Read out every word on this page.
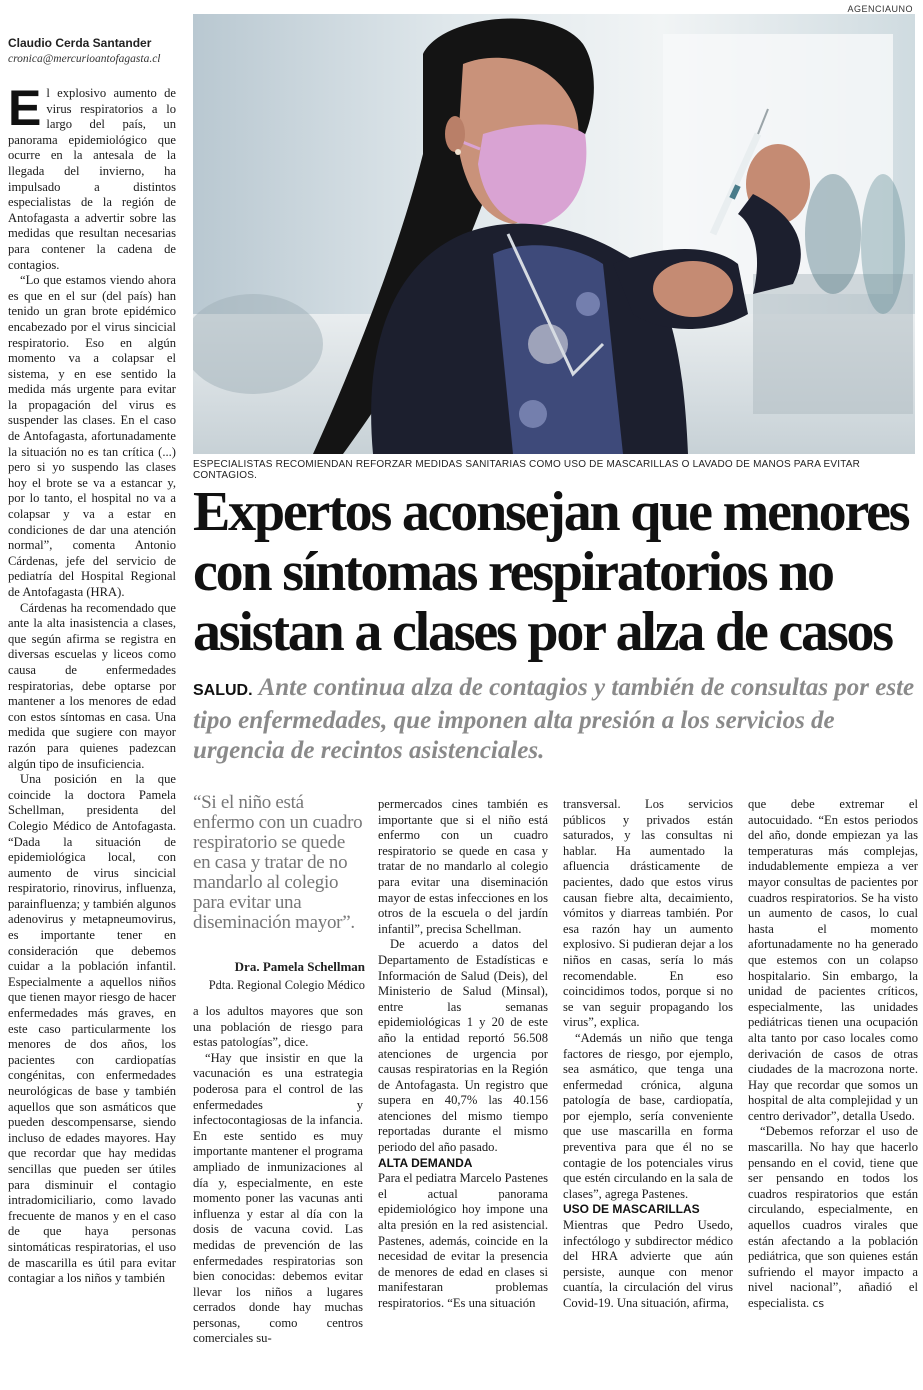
AGENCIAUNO
Claudio Cerda Santander
cronica@mercurioantofagasta.cl

El explosivo aumento de virus respiratorios a lo largo del país, un panorama epidemiológico que ocurre en la antesala de la llegada del invierno, ha impulsado a distintos especialistas de la región de Antofagasta a advertir sobre las medidas que resultan necesarias para contener la cadena de contagios.

“Lo que estamos viendo ahora es que en el sur (del país) han tenido un gran brote epidémico encabezado por el virus sincicial respiratorio. Eso en algún momento va a colapsar el sistema, y en ese sentido la medida más urgente para evitar la propagación del virus es suspender las clases. En el caso de Antofagasta, afortunadamente la situación no es tan crítica (...) pero si yo suspendo las clases hoy el brote se va a estancar y, por lo tanto, el hospital no va a colapsar y va a estar en condiciones de dar una atención normal”, comenta Antonio Cárdenas, jefe del servicio de pediatría del Hospital Regional de Antofagasta (HRA).

Cárdenas ha recomendado que ante la alta inasistencia a clases, que según afirma se registra en diversas escuelas y liceos como causa de enfermedades respiratorias, debe optarse por mantener a los menores de edad con estos síntomas en casa. Una medida que sugiere con mayor razón para quienes padezcan algún tipo de insuficiencia.

Una posición en la que coincide la doctora Pamela Schellman, presidenta del Colegio Médico de Antofagasta. “Dada la situación de epidemiológica local, con aumento de virus sincicial respiratorio, rinovirus, influenza, parainfluenza; y también algunos adenovirus y metapneumovirus, es importante tener en consideración que debemos cuidar a la población infantil. Especialmente a aquellos niños que tienen mayor riesgo de hacer enfermedades más graves, en este caso particularmente los menores de dos años, los pacientes con cardiopatías congénitas, con enfermedades neurológicas de base y también aquellos que son asmáticos que pueden descompensarse, siendo incluso de edades mayores. Hay que recordar que hay medidas sencillas que pueden ser útiles para disminuir el contagio intradomiciliario, como lavado frecuente de manos y en el caso de que haya personas sintomáticas respiratorias, el uso de mascarilla es útil para evitar contagiar a los niños y también

ESPECIALISTAS RECOMIENDAN REFORZAR MEDIDAS SANITARIAS COMO USO DE MASCARILLAS O LAVADO DE MANOS PARA EVITAR CONTAGIOS.
Expertos aconsejan que menores con síntomas respiratorios no asistan a clases por alza de casos
SALUD. Ante continua alza de contagios y también de consultas por este tipo enfermedades, que imponen alta presión a los servicios de urgencia de recintos asistenciales.
“Si el niño está enfermo con un cuadro respiratorio se quede en casa y tratar de no mandarlo al colegio para evitar una diseminación mayor”.
Dra. Pamela Schellman
Pdta. Regional Colegio Médico

a los adultos mayores que son una población de riesgo para estas patologías”, dice.

“Hay que insistir en que la vacunación es una estrategia poderosa para el control de las enfermedades y infectocontagiosas de la infancia. En este sentido es muy importante mantener el programa ampliado de inmunizaciones al día y, especialmente, en este momento poner las vacunas anti influenza y estar al día con la dosis de vacuna covid. Las medidas de prevención de las enfermedades respiratorias son bien conocidas: debemos evitar llevar los niños a lugares cerrados donde hay muchas personas, como centros comerciales su-

permercados cines también es importante que si el niño está enfermo con un cuadro respiratorio se quede en casa y tratar de no mandarlo al colegio para evitar una diseminación mayor de estas infecciones en los otros de la escuela o del jardín infantil”, precisa Schellman.

De acuerdo a datos del Departamento de Estadísticas e Información de Salud (Deis), del Ministerio de Salud (Minsal), entre las semanas epidemiológicas 1 y 20 de este año la entidad reportó 56.508 atenciones de urgencia por causas respiratorias en la Región de Antofagasta. Un registro que supera en 40,7% las 40.156 atenciones del mismo tiempo reportadas durante el mismo periodo del año pasado.

ALTA DEMANDA

Para el pediatra Marcelo Pastenes el actual panorama epidemiológico hoy impone una alta presión en la red asistencial. Pastenes, además, coincide en la necesidad de evitar la presencia de menores de edad en clases si manifestaran problemas respiratorios. “Es una situación

transversal. Los servicios públicos y privados están saturados, y las consultas ni hablar. Ha aumentado la afluencia drásticamente de pacientes, dado que estos virus causan fiebre alta, decaimiento, vómitos y diarreas también. Por esa razón hay un aumento explosivo. Si pudieran dejar a los niños en casas, sería lo más recomendable. En eso coincidimos todos, porque si no se van seguir propagando los virus”, explica.

“Además un niño que tenga factores de riesgo, por ejemplo, sea asmático, que tenga una enfermedad crónica, alguna patología de base, cardiopatía, por ejemplo, sería conveniente que use mascarilla en forma preventiva para que él no se contagie de los potenciales virus que estén circulando en la sala de clases”, agrega Pastenes.

USO DE MASCARILLAS

Mientras que Pedro Usedo, infectólogo y subdirector médico del HRA advierte que aún persiste, aunque con menor cuantía, la circulación del virus Covid-19. Una situación, afirma,

que debe extremar el autocuidado. “En estos periodos del año, donde empiezan ya las temperaturas más complejas, indudablemente empieza a ver mayor consultas de pacientes por cuadros respiratorios. Se ha visto un aumento de casos, lo cual hasta el momento afortunadamente no ha generado que estemos con un colapso hospitalario. Sin embargo, la unidad de pacientes críticos, especialmente, las unidades pediátricas tienen una ocupación alta tanto por caso locales como derivación de casos de otras ciudades de la macrozona norte. Hay que recordar que somos un hospital de alta complejidad y un centro derivador”, detalla Usedo.

“Debemos reforzar el uso de mascarilla. No hay que hacerlo pensando en el covid, tiene que ser pensando en todos los cuadros respiratorios que están circulando, especialmente, en aquellos cuadros virales que están afectando a la población pediátrica, que son quienes están sufriendo el mayor impacto a nivel nacional”, añadió el especialista. cs
